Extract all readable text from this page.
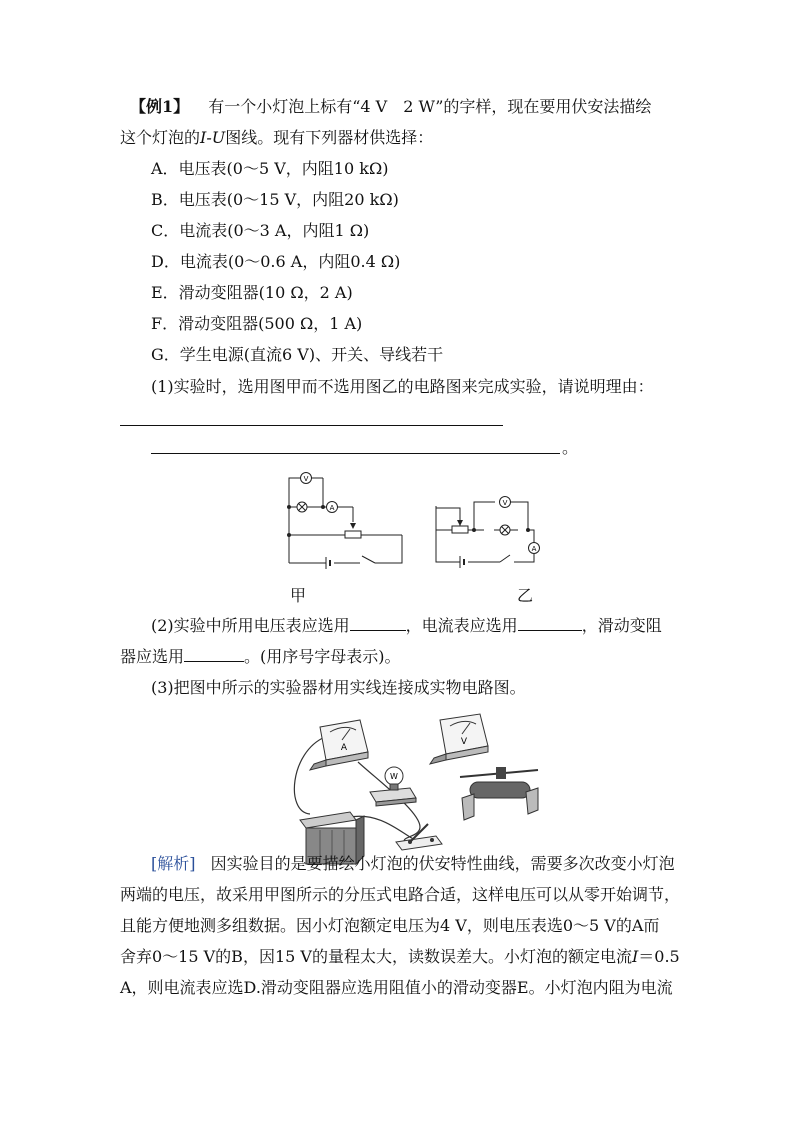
【例1】 有一个小灯泡上标有“4 V　2 W”的字样，现在要用伏安法描绘
这个灯泡的I-U图线。现有下列器材供选择：
A．电压表(0～5 V，内阻10 kΩ)
B．电压表(0～15 V，内阻20 kΩ)
C．电流表(0～3 A，内阻1 Ω)
D．电流表(0～0.6 A，内阻0.4 Ω)
E．滑动变阻器(10 Ω，2 A)
F．滑动变阻器(500 Ω，1 A)
G．学生电源(直流6 V)、开关、导线若干
(1)实验时，选用图甲而不选用图乙的电路图来完成实验，请说明理由：
。
V
A
甲
V
A
乙
(2)实验中所用电压表应选用	，电流表应选用	，滑动变阻
器应选用	。(用序号字母表示)。
(3)把图中所示的实验器材用实线连接成实物电路图。
A
V
W
[解析] 因实验目的是要描绘小灯泡的伏安特性曲线，需要多次改变小灯泡
两端的电压，故采用甲图所示的分压式电路合适，这样电压可以从零开始调节，
且能方便地测多组数据。因小灯泡额定电压为4 V，则电压表选0～5 V的A而
舍弃0～15 V的B，因15 V的量程太大，读数误差大。小灯泡的额定电流I＝0.5
A，则电流表应选D.滑动变阻器应选用阻值小的滑动变器E。小灯泡内阻为电流
